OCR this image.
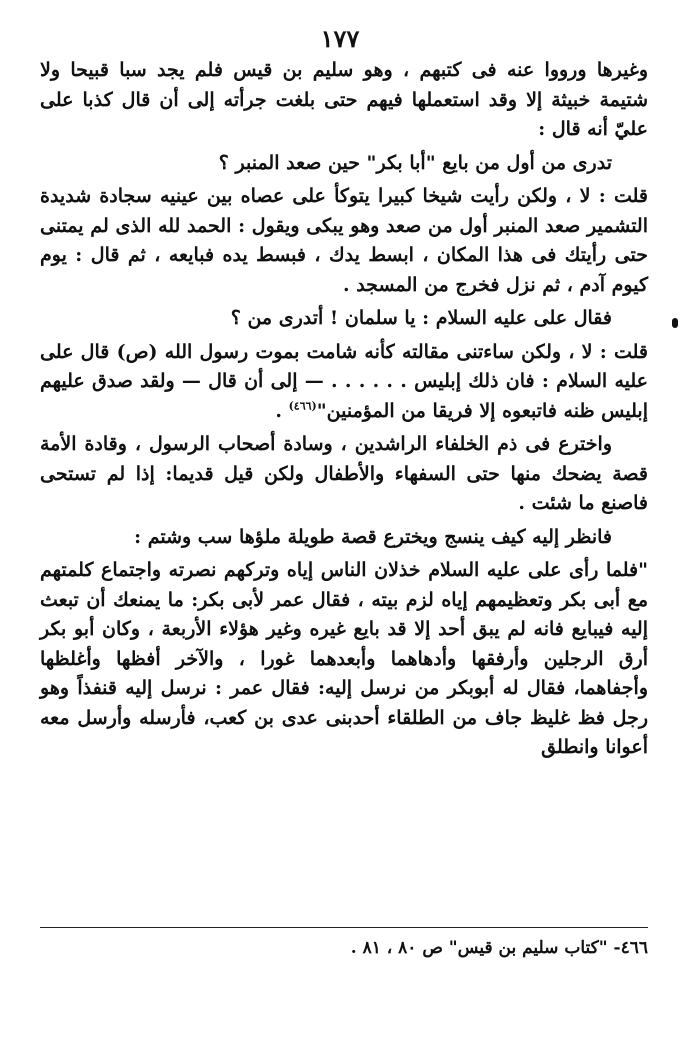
١٧٧

وغيرها ورووا عنه فى كتبهم ، وهو سليم بن قيس فلم يجد سبا قبيحا ولا شتيمة خبيثة إلا وقد استعملها فيهم حتى بلغت جرأته إلى أن قال كذبا على عليّ أنه قال :

تدرى من أول من بايع "أبا بكر" حين صعد المنبر ؟

قلت : لا ، ولكن رأيت شيخا كبيرا يتوكأ على عصاه بين عينيه سجادة شديدة التشمير صعد المنبر أول من صعد وهو يبكى ويقول : الحمد لله الذى لم يمتنى حتى رأيتك فى هذا المكان ، ابسط يدك ، فبسط يده فبايعه ، ثم قال : يوم كيوم آدم ، ثم نزل فخرج من المسجد .

فقال على عليه السلام : يا سلمان ! أتدرى من ؟

قلت : لا ، ولكن ساءتنى مقالته كأنه شامت بموت رسول الله (ص) قال على عليه السلام : فان ذلك إبليس . . . . . . — إلى أن قال — ولقد صدق عليهم إبليس ظنه فاتبعوه إلا فريقا من المؤمنين"$^{(٤٦٦)}$ .

واخترع فى ذم الخلفاء الراشدين ، وسادة أصحاب الرسول ، وقادة الأمة قصة يضحك منها حتى السفهاء والأطفال ولكن قيل قديما: إذا لم تستحى فاصنع ما شئت .

فانظر إليه كيف ينسج ويخترع قصة طويلة ملؤها سب وشتم :

"فلما رأى على عليه السلام خذلان الناس إياه وتركهم نصرته واجتماع كلمتهم مع أبى بكر وتعظيمهم إياه لزم بيته ، فقال عمر لأبى بكر: ما يمنعك أن تبعث إليه فيبايع فانه لم يبق أحد إلا قد بايع غيره وغير هؤلاء الأربعة ، وكان أبو بكر أرق الرجلين وأرفقها وأدهاهما وأبعدهما غورا ، والآخر أفظها وأغلظها وأجفاهما، فقال له أبوبكر من نرسل إليه: فقال عمر : نرسل إليه قنفذاً وهو رجل فظ غليظ جاف من الطلقاء أحدبنى عدى بن كعب، فأرسله وأرسل معه أعوانا وانطلق

٤٦٦- "كتاب سليم بن قيس" ص ٨٠ ، ٨١ .
